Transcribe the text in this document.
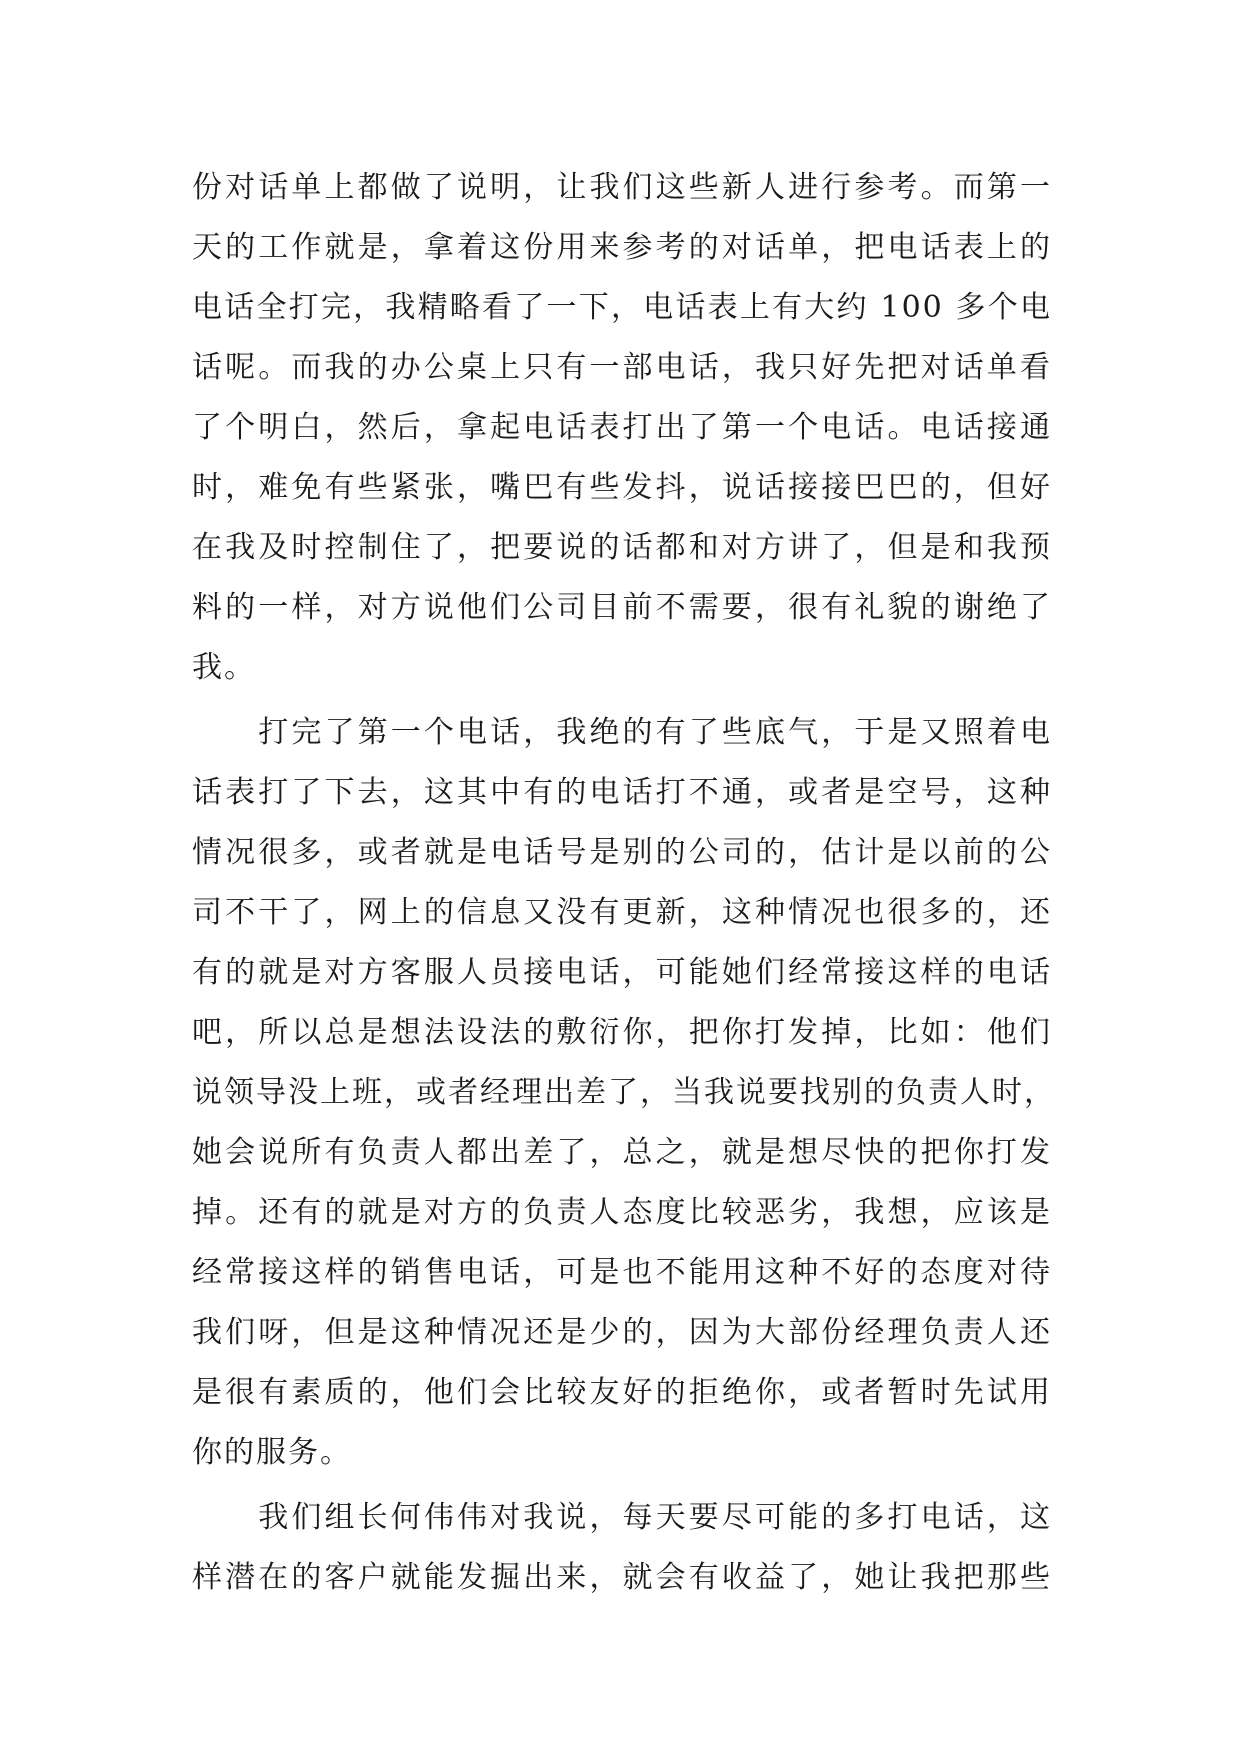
份对话单上都做了说明，让我们这些新人进行参考。而第一
天的工作就是，拿着这份用来参考的对话单，把电话表上的
电话全打完，我精略看了一下，电话表上有大约 100 多个电
话呢。而我的办公桌上只有一部电话，我只好先把对话单看
了个明白，然后，拿起电话表打出了第一个电话。电话接通
时，难免有些紧张，嘴巴有些发抖，说话接接巴巴的，但好
在我及时控制住了，把要说的话都和对方讲了，但是和我预
料的一样，对方说他们公司目前不需要，很有礼貌的谢绝了
我。
　　打完了第一个电话，我绝的有了些底气，于是又照着电
话表打了下去，这其中有的电话打不通，或者是空号，这种
情况很多，或者就是电话号是别的公司的，估计是以前的公
司不干了，网上的信息又没有更新，这种情况也很多的，还
有的就是对方客服人员接电话，可能她们经常接这样的电话
吧，所以总是想法设法的敷衍你，把你打发掉，比如：他们
说领导没上班，或者经理出差了，当我说要找别的负责人时，
她会说所有负责人都出差了，总之，就是想尽快的把你打发
掉。还有的就是对方的负责人态度比较恶劣，我想，应该是
经常接这样的销售电话，可是也不能用这种不好的态度对待
我们呀，但是这种情况还是少的，因为大部份经理负责人还
是很有素质的，他们会比较友好的拒绝你，或者暂时先试用
你的服务。
　　我们组长何伟伟对我说，每天要尽可能的多打电话，这
样潜在的客户就能发掘出来，就会有收益了，她让我把那些
